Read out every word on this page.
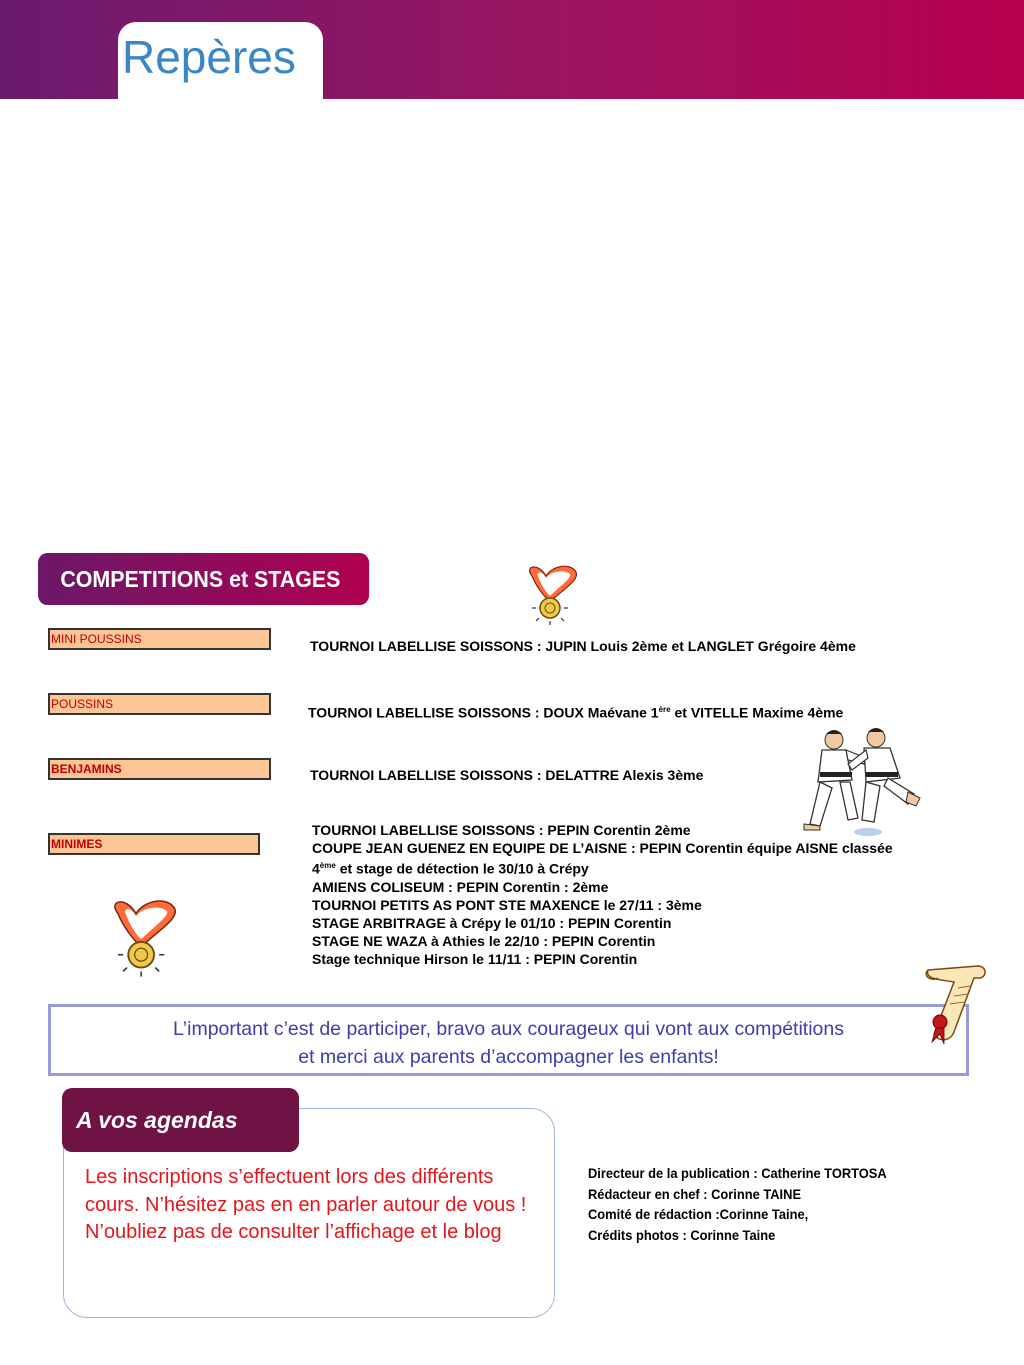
Repères
COMPETITIONS et STAGES
MINI POUSSINS
POUSSINS
BENJAMINS
MINIMES
TOURNOI LABELLISE SOISSONS : JUPIN Louis 2ème et LANGLET Grégoire 4ème
TOURNOI LABELLISE SOISSONS : DOUX Maévane 1ère et VITELLE Maxime 4ème
TOURNOI LABELLISE SOISSONS : DELATTRE Alexis 3ème
TOURNOI LABELLISE SOISSONS : PEPIN Corentin 2ème
COUPE JEAN GUENEZ EN EQUIPE DE L’AISNE : PEPIN Corentin équipe AISNE classée
4ème et stage de détection le 30/10 à Crépy
AMIENS COLISEUM : PEPIN Corentin : 2ème
TOURNOI PETITS AS PONT STE MAXENCE le 27/11 : 3ème
STAGE ARBITRAGE à Crépy le 01/10 : PEPIN Corentin
STAGE NE WAZA à Athies le 22/10 : PEPIN Corentin
Stage technique Hirson le 11/11 : PEPIN Corentin
L’important c’est de participer, bravo aux courageux qui vont aux compétitions
et merci aux parents d’accompagner les enfants!
A vos agendas
Les inscriptions s’effectuent lors des différents cours. N’hésitez pas en en parler autour de vous !
N’oubliez pas de consulter l’affichage et le blog
Directeur de la publication : Catherine TORTOSA
Rédacteur en chef : Corinne TAINE
Comité de rédaction :Corinne Taine,
Crédits photos : Corinne Taine
